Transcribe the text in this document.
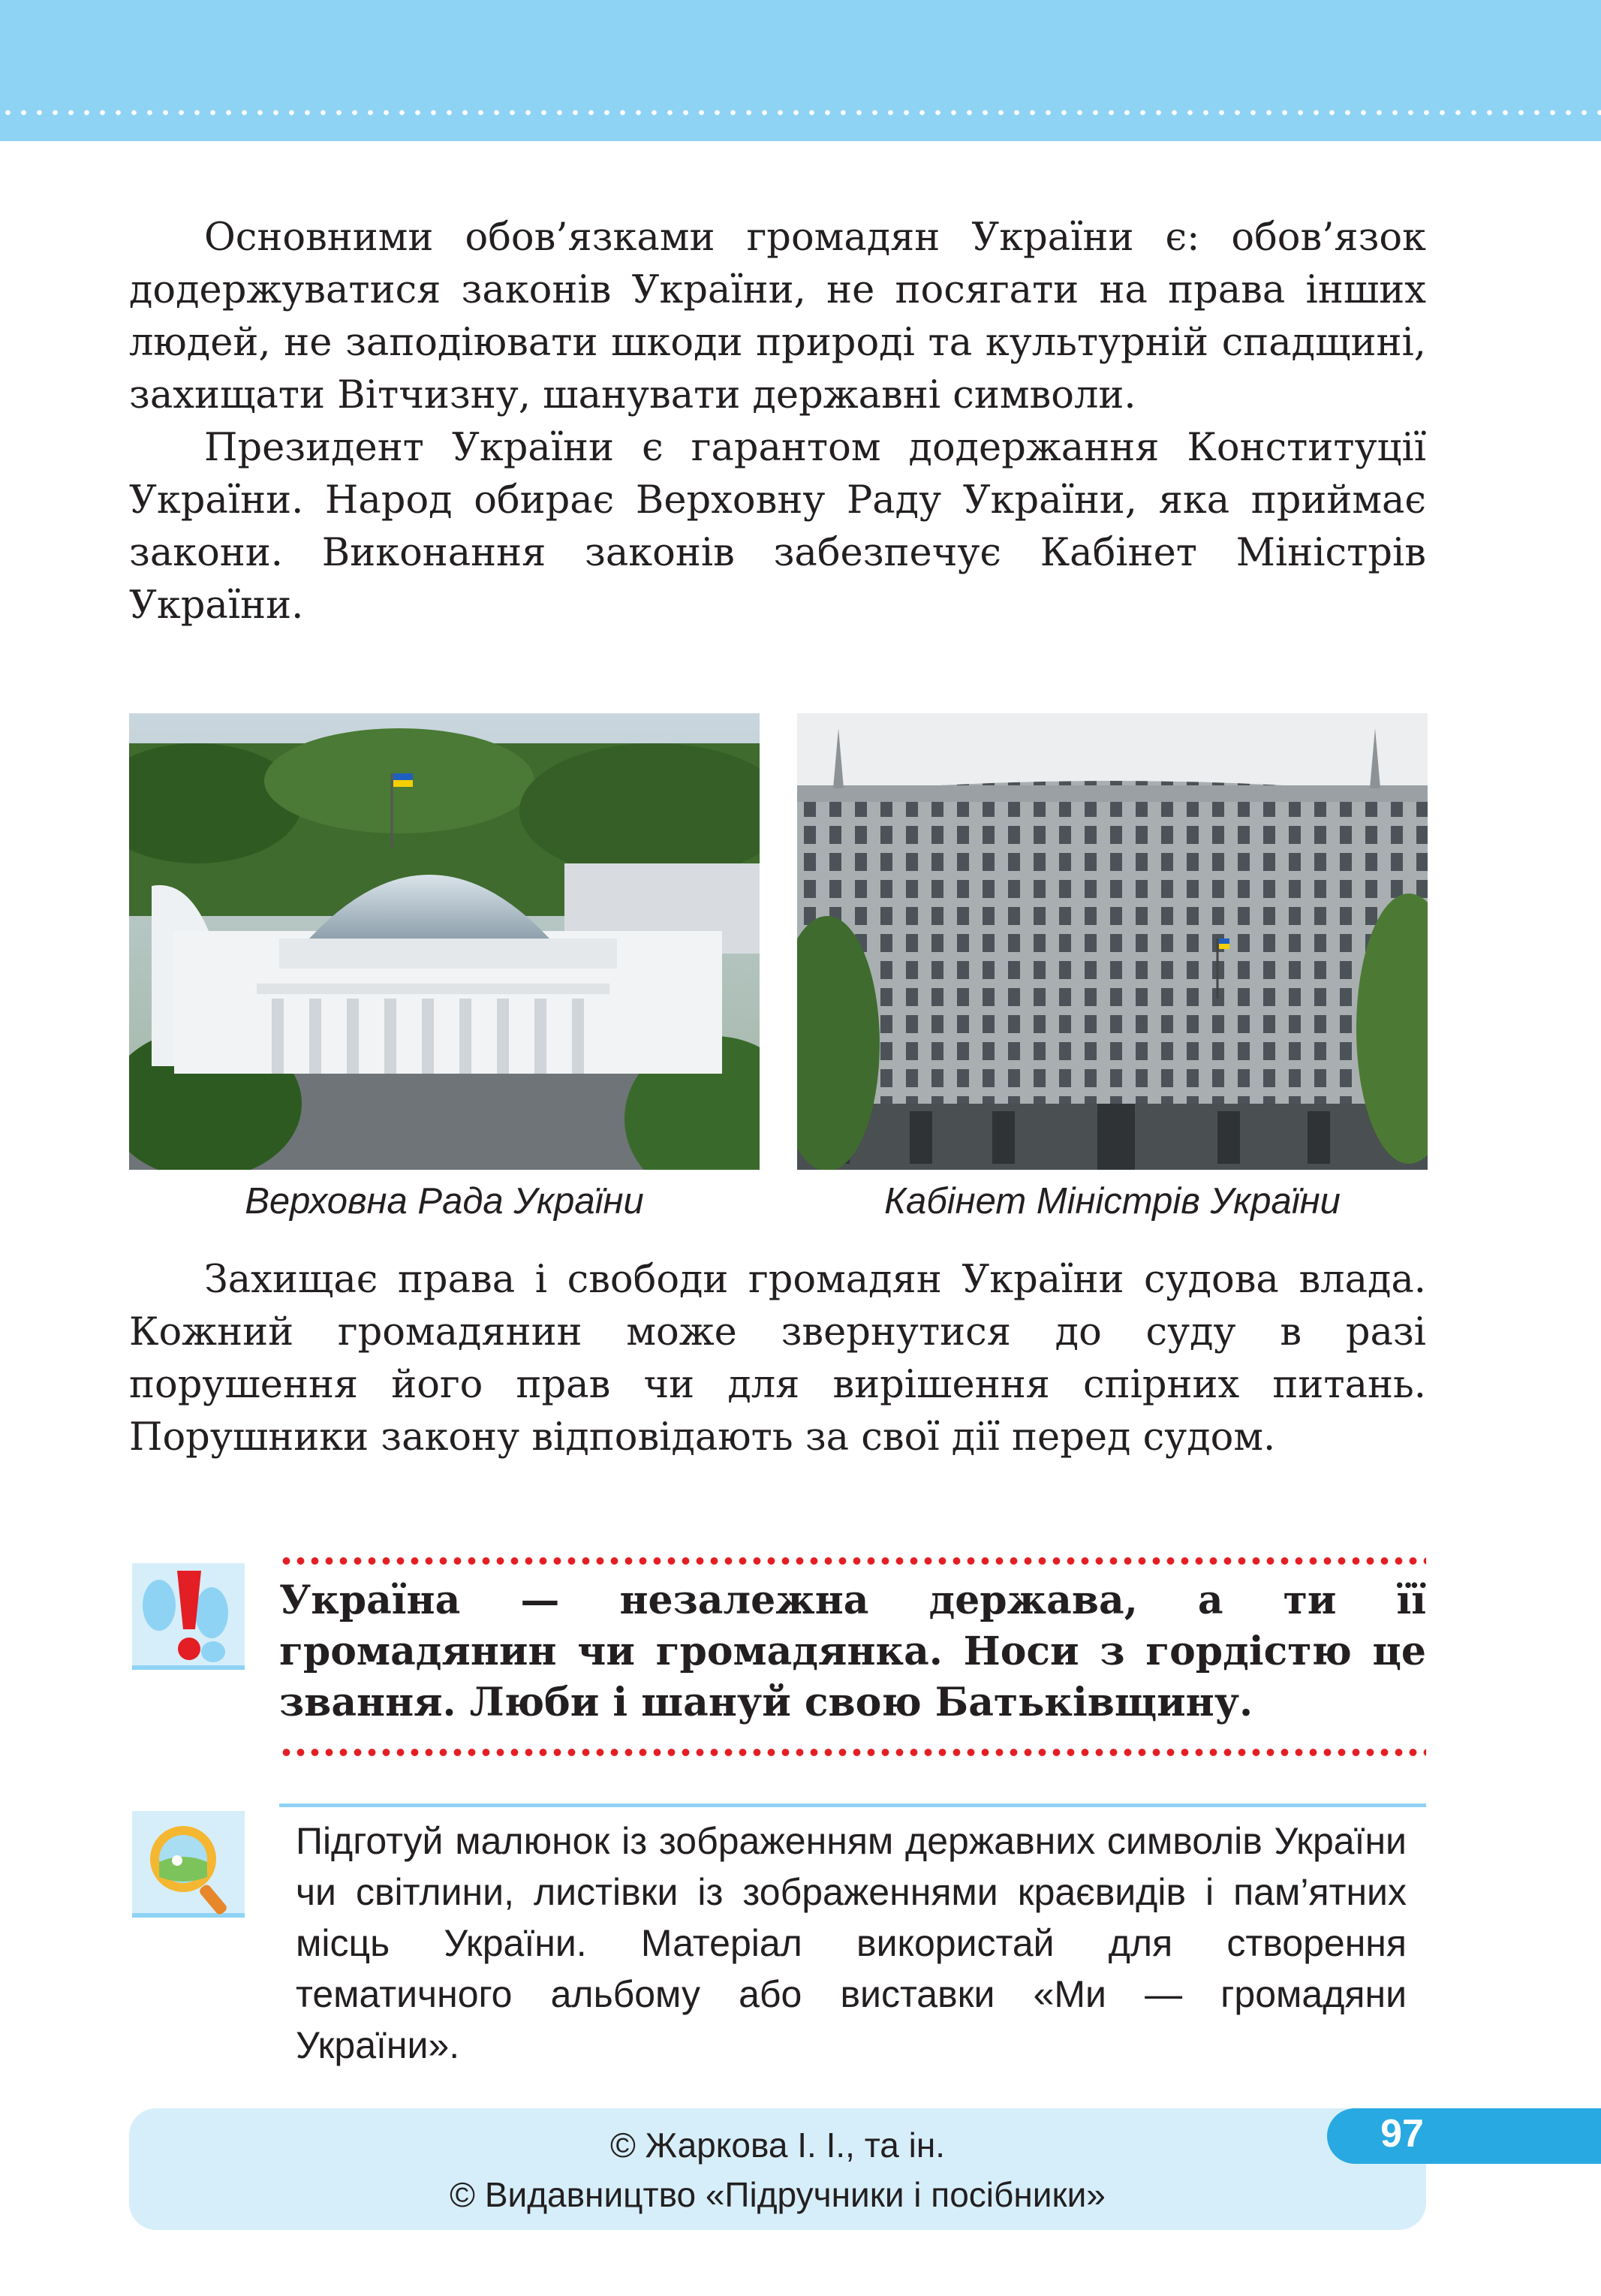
Основними обов’язками громадян України є: обов’язок додержуватися законів України, не посягати на права інших людей, не заподіювати шкоди природі та культурній спадщині, захищати Вітчизну, шанувати державні символи.

Президент України є гарантом додержання Конституції України. Народ обирає Верховну Раду України, яка приймає закони. Виконання законів забезпечує Кабінет Міністрів України.

Верховна Рада України	Кабінет Міністрів України

Захищає права і свободи громадян України судова влада. Кожний громадянин може звернутися до суду в разі порушення його прав чи для вирішення спірних питань. Порушники закону відповідають за свої дії перед судом.

Україна — незалежна держава, а ти її громадянин чи громадянка. Носи з гордістю це звання. Люби і шануй свою Батьківщину.
Підготуй малюнок із зображенням державних символів України чи світлини, листівки із зображеннями краєвидів і пам’ятних місць України. Матеріал використай для створення тематичного альбому або виставки «Ми — громадяни України».
97
© Жаркова І. І., та ін.
© Видавництво «Підручники і посібники»
